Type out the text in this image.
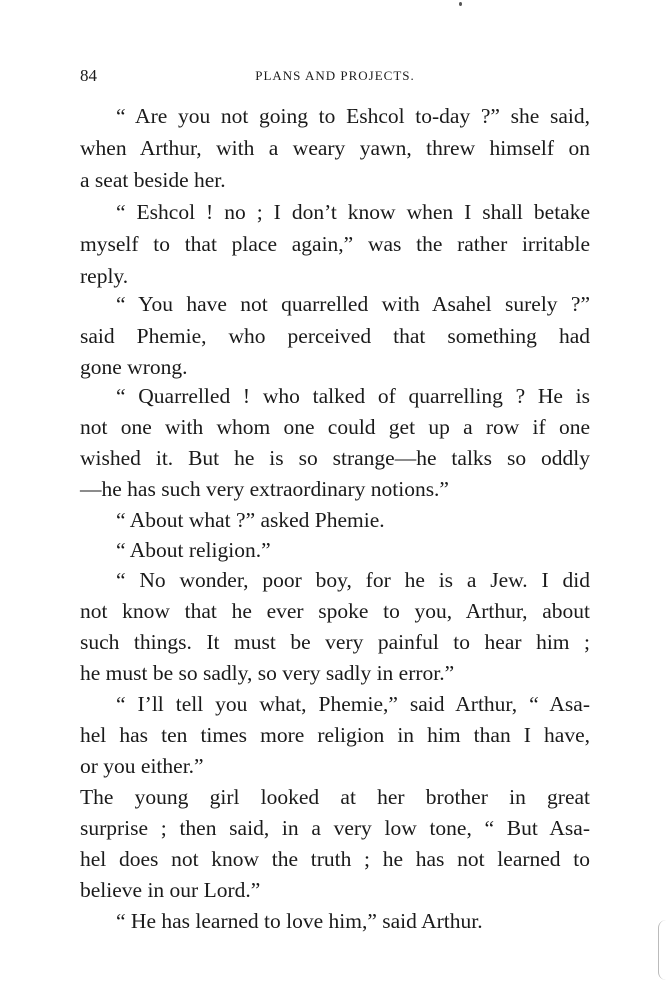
84	PLANS AND PROJECTS.
“ Are you not going to Eshcol to-day ?” she said,
when Arthur, with a weary yawn, threw himself on
a seat beside her.
“ Eshcol ! no ; I don’t know when I shall betake
myself to that place again,” was the rather irritable
reply.
“ You have not quarrelled with Asahel surely ?”
said Phemie, who perceived that something had
gone wrong.
“ Quarrelled ! who talked of quarrelling ? He is
not one with whom one could get up a row if one
wished it. But he is so strange—he talks so oddly
—he has such very extraordinary notions.”
“ About what ?” asked Phemie.
“ About religion.”
“ No wonder, poor boy, for he is a Jew. I did
not know that he ever spoke to you, Arthur, about
such things. It must be very painful to hear him ;
he must be so sadly, so very sadly in error.”
“ I’ll tell you what, Phemie,” said Arthur, “ Asa-
hel has ten times more religion in him than I have,
or you either.”
The young girl looked at her brother in great
surprise ; then said, in a very low tone, “ But Asa-
hel does not know the truth ; he has not learned to
believe in our Lord.”
“ He has learned to love him,” said Arthur.
